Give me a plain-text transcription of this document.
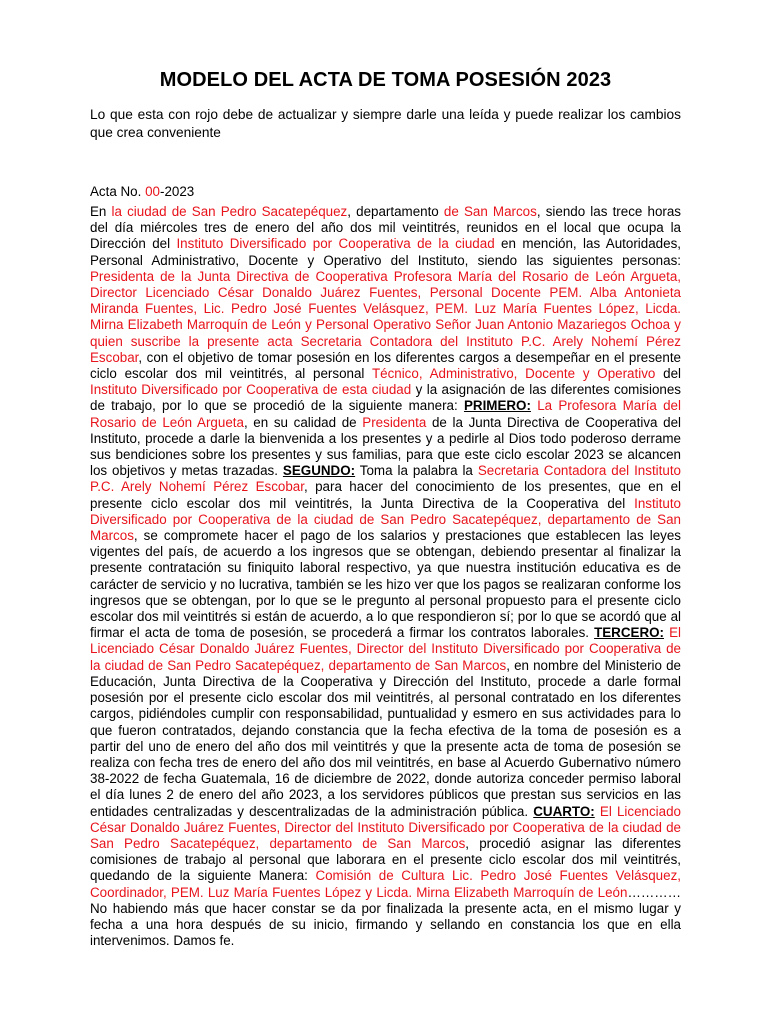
MODELO DEL ACTA DE TOMA POSESIÓN 2023

Lo que esta con rojo debe de actualizar y siempre darle una leída y puede realizar los cambios que crea conveniente

Acta No. 00-2023

En la ciudad de San Pedro Sacatepéquez, departamento de San Marcos, siendo las trece horas del día miércoles tres de enero del año dos mil veintitrés, reunidos en el local que ocupa la Dirección del Instituto Diversificado por Cooperativa de la ciudad en mención, las Autoridades, Personal Administrativo, Docente y Operativo del Instituto, siendo las siguientes personas: Presidenta de la Junta Directiva de Cooperativa Profesora María del Rosario de León Argueta, Director Licenciado César Donaldo Juárez Fuentes, Personal Docente PEM. Alba Antonieta Miranda Fuentes, Lic. Pedro José Fuentes Velásquez, PEM. Luz María Fuentes López, Licda. Mirna Elizabeth Marroquín de León y Personal Operativo Señor Juan Antonio Mazariegos Ochoa y quien suscribe la presente acta Secretaria Contadora del Instituto P.C. Arely Nohemí Pérez Escobar, con el objetivo de tomar posesión en los diferentes cargos a desempeñar en el presente ciclo escolar dos mil veintitrés, al personal Técnico, Administrativo, Docente y Operativo del Instituto Diversificado por Cooperativa de esta ciudad y la asignación de las diferentes comisiones de trabajo, por lo que se procedió de la siguiente manera: PRIMERO: La Profesora María del Rosario de León Argueta, en su calidad de Presidenta de la Junta Directiva de Cooperativa del Instituto, procede a darle la bienvenida a los presentes y a pedirle al Dios todo poderoso derrame sus bendiciones sobre los presentes y sus familias, para que este ciclo escolar 2023 se alcancen los objetivos y metas trazadas. SEGUNDO: Toma la palabra la Secretaria Contadora del Instituto P.C. Arely Nohemí Pérez Escobar, para hacer del conocimiento de los presentes, que en el presente ciclo escolar dos mil veintitrés, la Junta Directiva de la Cooperativa del Instituto Diversificado por Cooperativa de la ciudad de San Pedro Sacatepéquez, departamento de San Marcos, se compromete hacer el pago de los salarios y prestaciones que establecen las leyes vigentes del país, de acuerdo a los ingresos que se obtengan, debiendo presentar al finalizar la presente contratación su finiquito laboral respectivo, ya que nuestra institución educativa es de carácter de servicio y no lucrativa, también se les hizo ver que los pagos se realizaran conforme los ingresos que se obtengan, por lo que se le pregunto al personal propuesto para el presente ciclo escolar dos mil veintitrés si están de acuerdo, a lo que respondieron sí; por lo que se acordó que al firmar el acta de toma de posesión, se procederá a firmar los contratos laborales. TERCERO: El Licenciado César Donaldo Juárez Fuentes, Director del Instituto Diversificado por Cooperativa de la ciudad de San Pedro Sacatepéquez, departamento de San Marcos, en nombre del Ministerio de Educación, Junta Directiva de la Cooperativa y Dirección del Instituto, procede a darle formal posesión por el presente ciclo escolar dos mil veintitrés, al personal contratado en los diferentes cargos, pidiéndoles cumplir con responsabilidad, puntualidad y esmero en sus actividades para lo que fueron contratados, dejando constancia que la fecha efectiva de la toma de posesión es a partir del uno de enero del año dos mil veintitrés y que la presente acta de toma de posesión se realiza con fecha tres de enero del año dos mil veintitrés, en base al Acuerdo Gubernativo número 38-2022 de fecha Guatemala, 16 de diciembre de 2022, donde autoriza conceder permiso laboral el día lunes 2 de enero del año 2023, a los servidores públicos que prestan sus servicios en las entidades centralizadas y descentralizadas de la administración pública. CUARTO: El Licenciado César Donaldo Juárez Fuentes, Director del Instituto Diversificado por Cooperativa de la ciudad de San Pedro Sacatepéquez, departamento de San Marcos, procedió asignar las diferentes comisiones de trabajo al personal que laborara en el presente ciclo escolar dos mil veintitrés, quedando de la siguiente Manera: Comisión de Cultura Lic. Pedro José Fuentes Velásquez, Coordinador, PEM. Luz María Fuentes López y Licda. Mirna Elizabeth Marroquín de León………… No habiendo más que hacer constar se da por finalizada la presente acta, en el mismo lugar y fecha a una hora después de su inicio, firmando y sellando en constancia los que en ella intervenimos. Damos fe.
